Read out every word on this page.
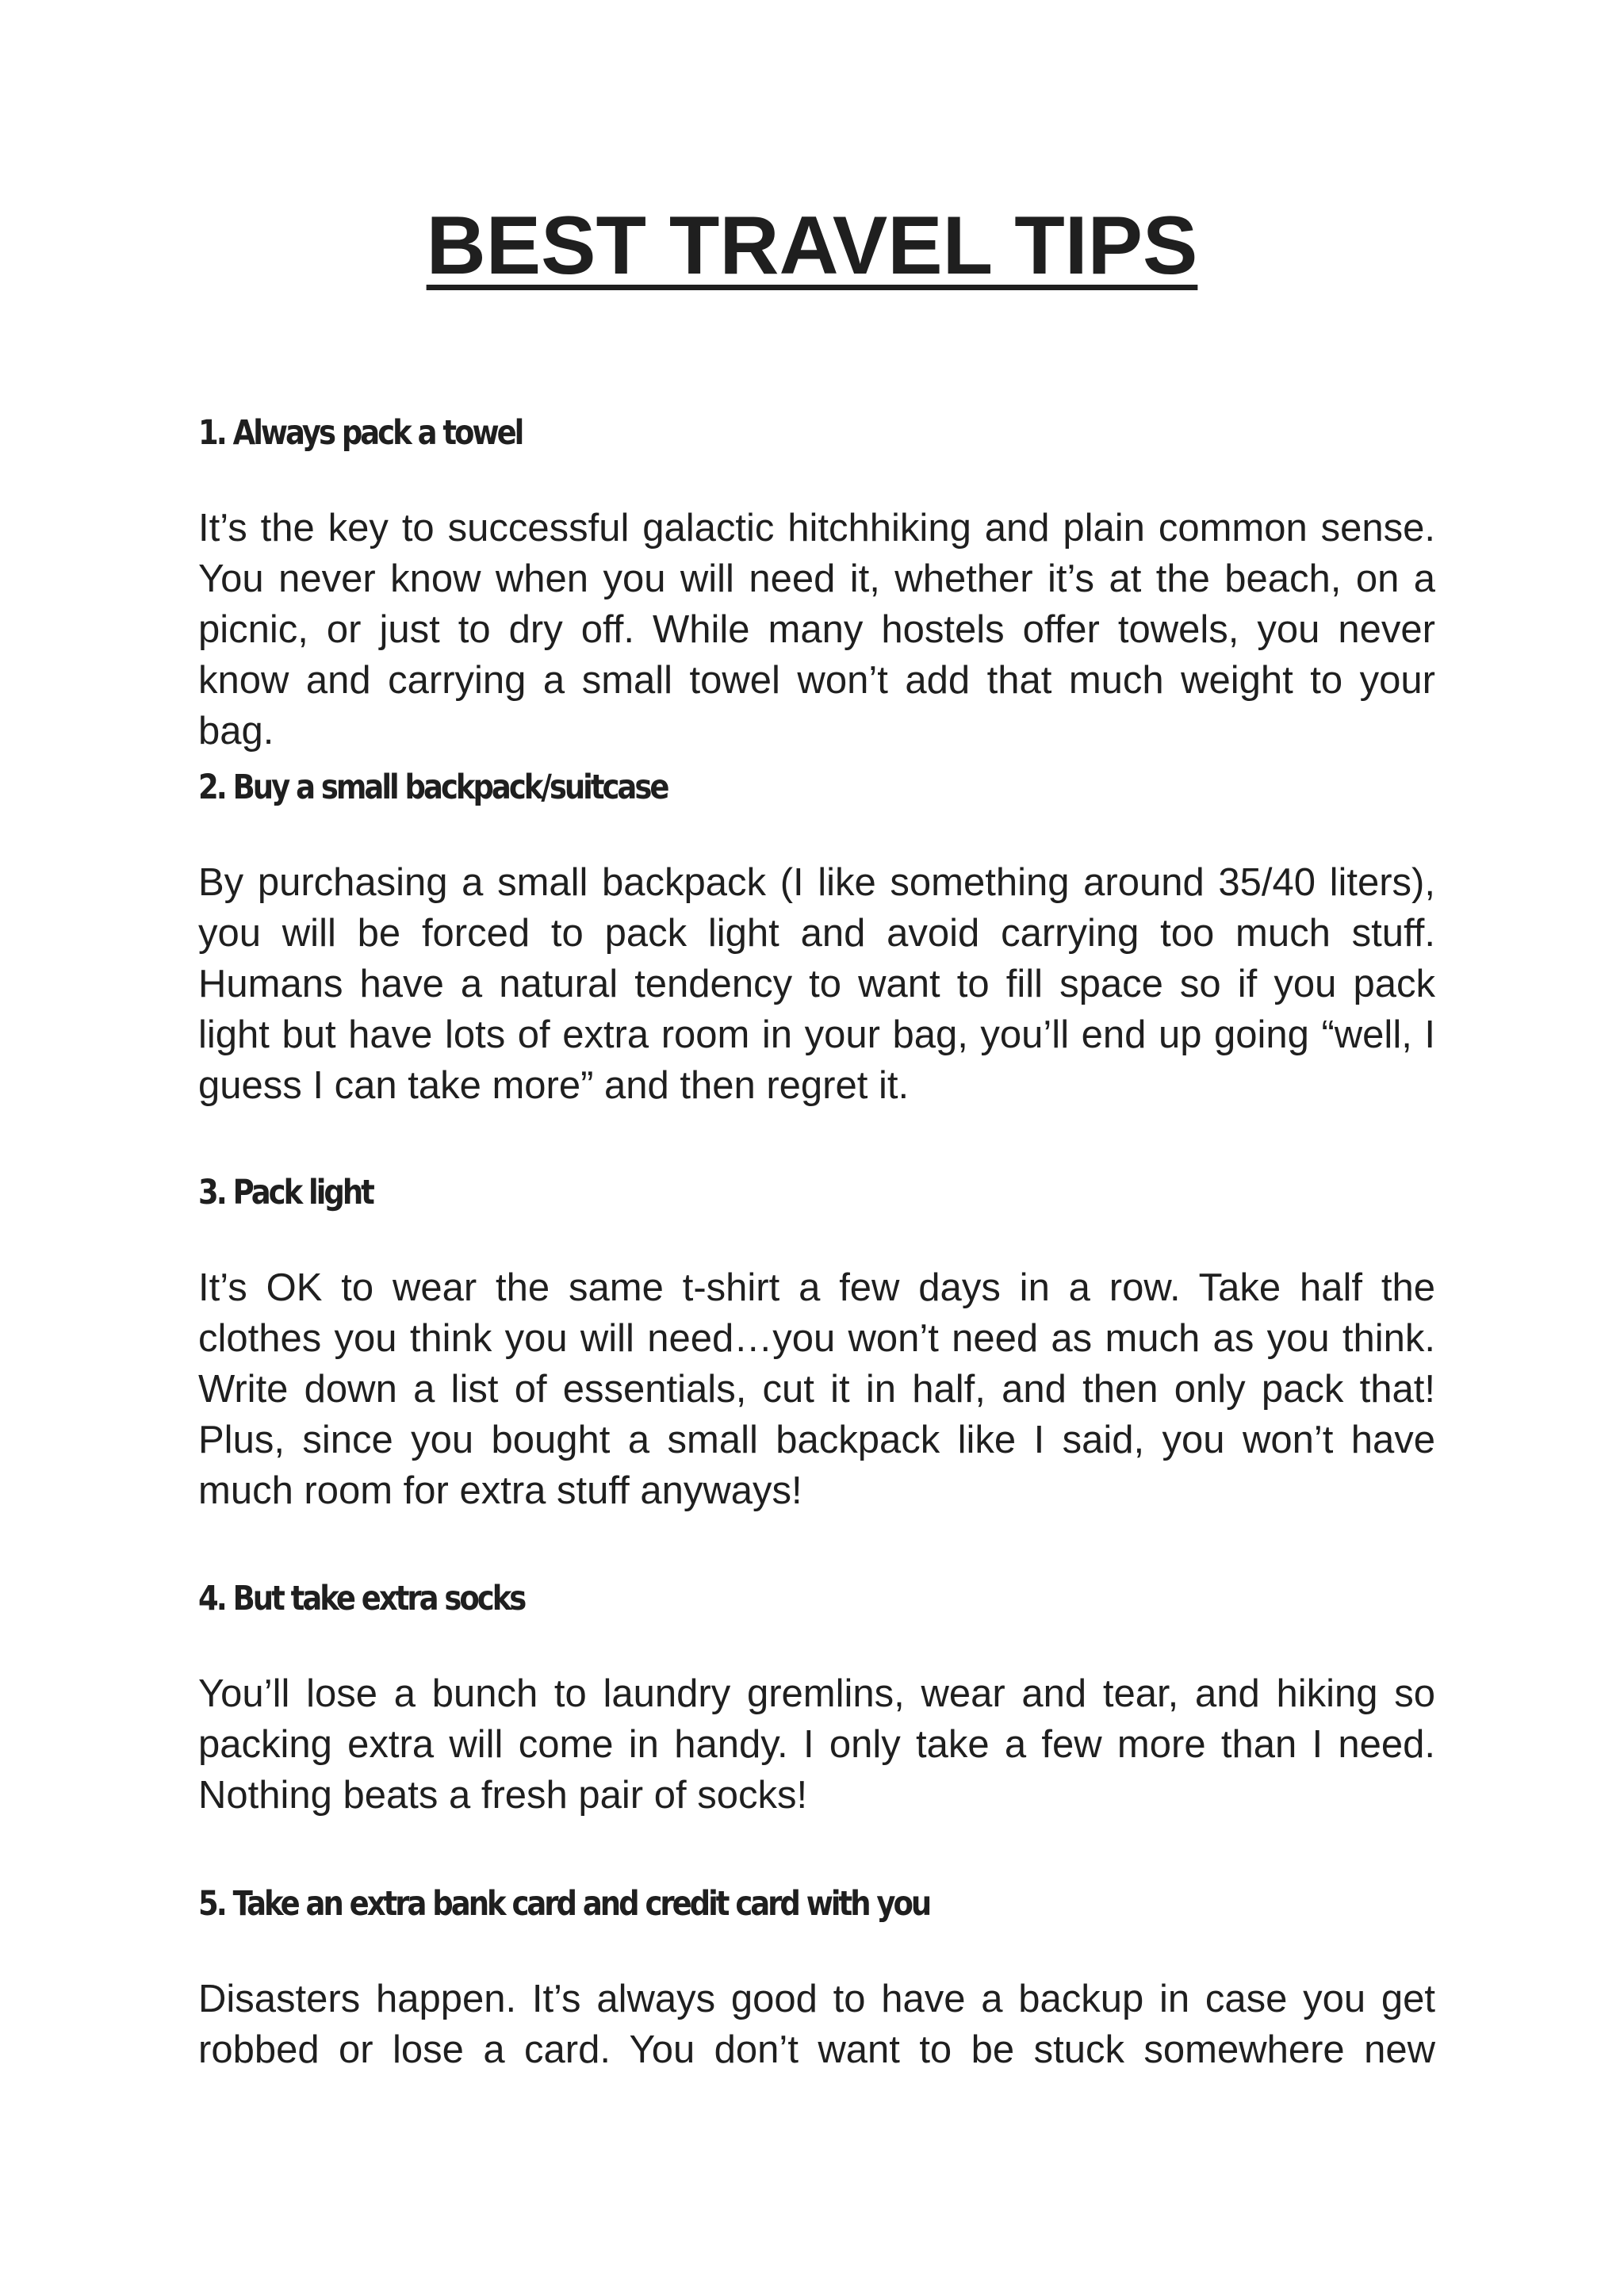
BEST TRAVEL TIPS
1. Always pack a towel

It’s the key to successful galactic hitchhiking and plain common sense. You never know when you will need it, whether it’s at the beach, on a picnic, or just to dry off. While many hostels offer towels, you never know and carrying a small towel won’t add that much weight to your bag.

2. Buy a small backpack/suitcase

By purchasing a small backpack (I like something around 35/40 liters), you will be forced to pack light and avoid carrying too much stuff. Humans have a natural tendency to want to fill space so if you pack light but have lots of extra room in your bag, you’ll end up going “well, I guess I can take more” and then regret it.

3. Pack light

It’s OK to wear the same t-shirt a few days in a row. Take half the clothes you think you will need…you won’t need as much as you think. Write down a list of essentials, cut it in half, and then only pack that! Plus, since you bought a small backpack like I said, you won’t have much room for extra stuff anyways!

4. But take extra socks

You’ll lose a bunch to laundry gremlins, wear and tear, and hiking so packing extra will come in handy. I only take a few more than I need. Nothing beats a fresh pair of socks!

5. Take an extra bank card and credit card with you

Disasters happen. It’s always good to have a backup in case you get robbed or lose a card. You don’t want to be stuck somewhere new
